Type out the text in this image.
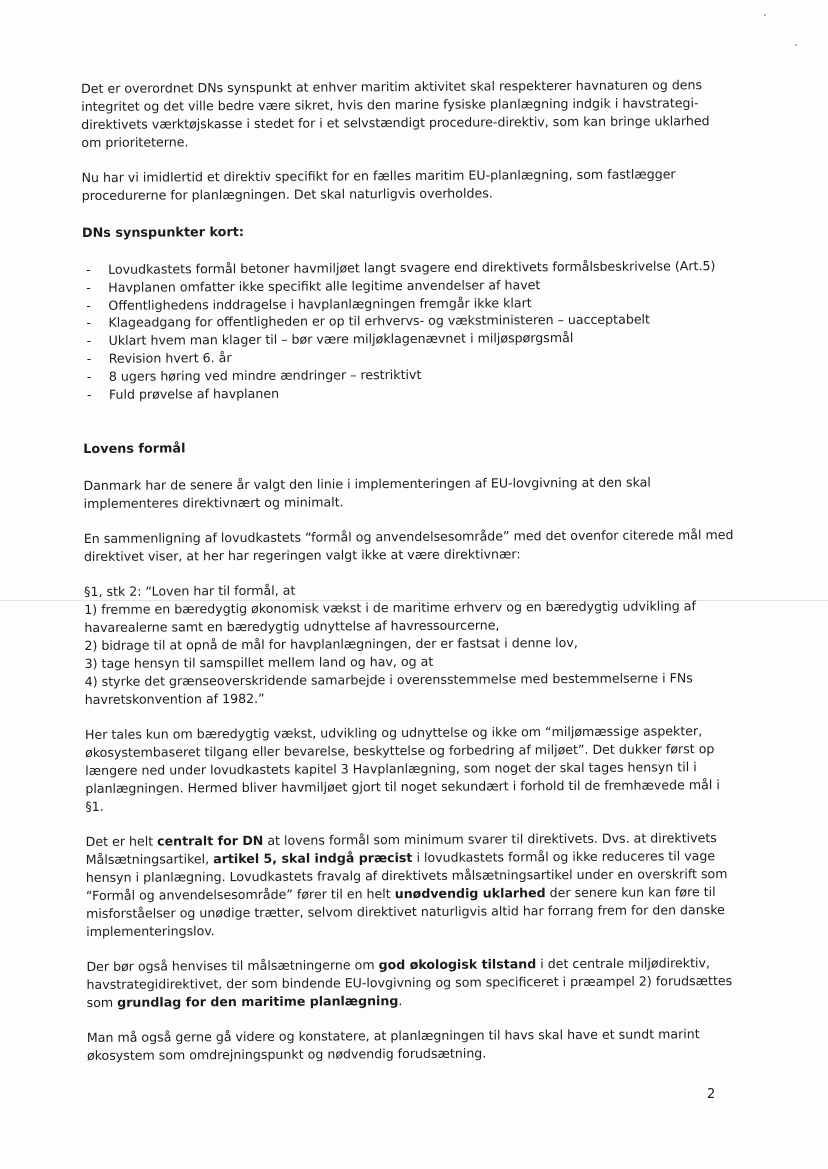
Det er overordnet DNs synspunkt at enhver maritim aktivitet skal respekterer havnaturen og dens integritet og det ville bedre være sikret, hvis den marine fysiske planlægning indgik i havstrategi-direktivets værktøjskasse i stedet for i et selvstændigt procedure-direktiv, som kan bringe uklarhed om prioriteterne.

Nu har vi imidlertid et direktiv specifikt for en fælles maritim EU-planlægning, som fastlægger procedurerne for planlægningen. Det skal naturligvis overholdes.

DNs synspunkter kort:
- Lovudkastets formål betoner havmiljøet langt svagere end direktivets formålsbeskrivelse (Art.5)
- Havplanen omfatter ikke specifikt alle legitime anvendelser af havet
- Offentlighedens inddragelse i havplanlægningen fremgår ikke klart
- Klageadgang for offentligheden er op til erhvervs- og vækstministeren – uacceptabelt
- Uklart hvem man klager til – bør være miljøklagenævnet i miljøspørgsmål
- Revision hvert 6. år
- 8 ugers høring ved mindre ændringer – restriktivt
- Fuld prøvelse af havplanen
Lovens formål

Danmark har de senere år valgt den linie i implementeringen af EU-lovgivning at den skal implementeres direktivnært og minimalt.

En sammenligning af lovudkastets “formål og anvendelsesområde” med det ovenfor citerede mål med direktivet viser, at her har regeringen valgt ikke at være direktivnær:

§1, stk 2: “Loven har til formål, at

1) fremme en bæredygtig økonomisk vækst i de maritime erhverv og en bæredygtig udvikling af havarealerne samt en bæredygtig udnyttelse af havressourcerne,

2) bidrage til at opnå de mål for havplanlægningen, der er fastsat i denne lov,

3) tage hensyn til samspillet mellem land og hav, og at

4) styrke det grænseoverskridende samarbejde i overensstemmelse med bestemmelserne i FNs havretskonvention af 1982.”

Her tales kun om bæredygtig vækst, udvikling og udnyttelse og ikke om “miljømæssige aspekter, økosystembaseret tilgang eller bevarelse, beskyttelse og forbedring af miljøet”. Det dukker først op længere ned under lovudkastets kapitel 3 Havplanlægning, som noget der skal tages hensyn til i planlægningen. Hermed bliver havmiljøet gjort til noget sekundært i forhold til de fremhævede mål i §1.

Det er helt centralt for DN at lovens formål som minimum svarer til direktivets. Dvs. at direktivets Målsætningsartikel, artikel 5, skal indgå præcist i lovudkastets formål og ikke reduceres til vage hensyn i planlægning. Lovudkastets fravalg af direktivets målsætningsartikel under en overskrift som “Formål og anvendelsesområde” fører til en helt unødvendig uklarhed der senere kun kan føre til misforståelser og unødige trætter, selvom direktivet naturligvis altid har forrang frem for den danske implementeringslov.

Der bør også henvises til målsætningerne om god økologisk tilstand i det centrale miljødirektiv, havstrategidirektivet, der som bindende EU-lovgivning og som specificeret i præampel 2) forudsættes som grundlag for den maritime planlægning.

Man må også gerne gå videre og konstatere, at planlægningen til havs skal have et sundt marint økosystem som omdrejningspunkt og nødvendig forudsætning.

2
